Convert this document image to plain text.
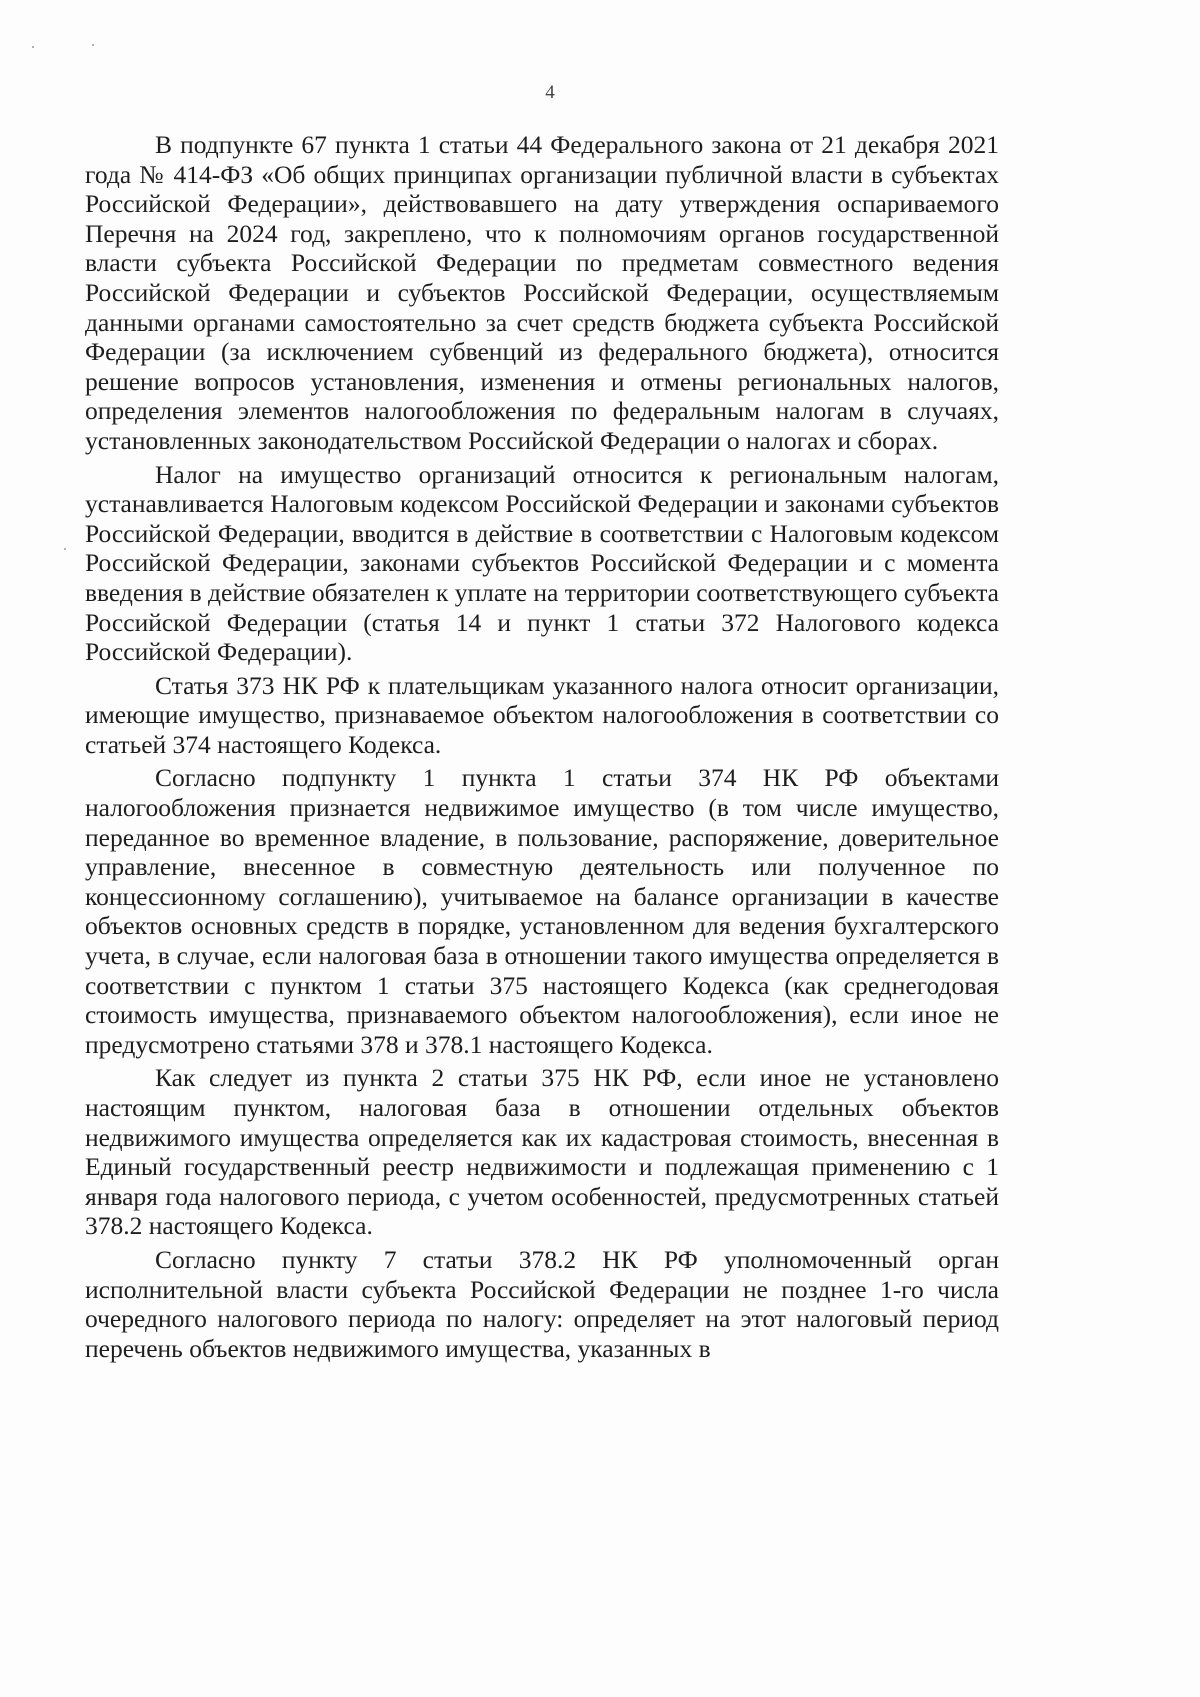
4

В подпункте 67 пункта 1 статьи 44 Федерального закона от 21 декабря 2021 года № 414-ФЗ «Об общих принципах организации публичной власти в субъектах Российской Федерации», действовавшего на дату утверждения оспариваемого Перечня на 2024 год, закреплено, что к полномочиям органов государственной власти субъекта Российской Федерации по предметам совместного ведения Российской Федерации и субъектов Российской Федерации, осуществляемым данными органами самостоятельно за счет средств бюджета субъекта Российской Федерации (за исключением субвенций из федерального бюджета), относится решение вопросов установления, изменения и отмены региональных налогов, определения элементов налогообложения по федеральным налогам в случаях, установленных законодательством Российской Федерации о налогах и сборах.

Налог на имущество организаций относится к региональным налогам, устанавливается Налоговым кодексом Российской Федерации и законами субъектов Российской Федерации, вводится в действие в соответствии с Налоговым кодексом Российской Федерации, законами субъектов Российской Федерации и с момента введения в действие обязателен к уплате на территории соответствующего субъекта Российской Федерации (статья 14 и пункт 1 статьи 372 Налогового кодекса Российской Федерации).

Статья 373 НК РФ к плательщикам указанного налога относит организации, имеющие имущество, признаваемое объектом налогообложения в соответствии со статьей 374 настоящего Кодекса.

Согласно подпункту 1 пункта 1 статьи 374 НК РФ объектами налогообложения признается недвижимое имущество (в том числе имущество, переданное во временное владение, в пользование, распоряжение, доверительное управление, внесенное в совместную деятельность или полученное по концессионному соглашению), учитываемое на балансе организации в качестве объектов основных средств в порядке, установленном для ведения бухгалтерского учета, в случае, если налоговая база в отношении такого имущества определяется в соответствии с пунктом 1 статьи 375 настоящего Кодекса (как среднегодовая стоимость имущества, признаваемого объектом налогообложения), если иное не предусмотрено статьями 378 и 378.1 настоящего Кодекса.

Как следует из пункта 2 статьи 375 НК РФ, если иное не установлено настоящим пунктом, налоговая база в отношении отдельных объектов недвижимого имущества определяется как их кадастровая стоимость, внесенная в Единый государственный реестр недвижимости и подлежащая применению с 1 января года налогового периода, с учетом особенностей, предусмотренных статьей 378.2 настоящего Кодекса.

Согласно пункту 7 статьи 378.2 НК РФ уполномоченный орган исполнительной власти субъекта Российской Федерации не позднее 1-го числа очередного налогового периода по налогу: определяет на этот налоговый период перечень объектов недвижимого имущества, указанных в
